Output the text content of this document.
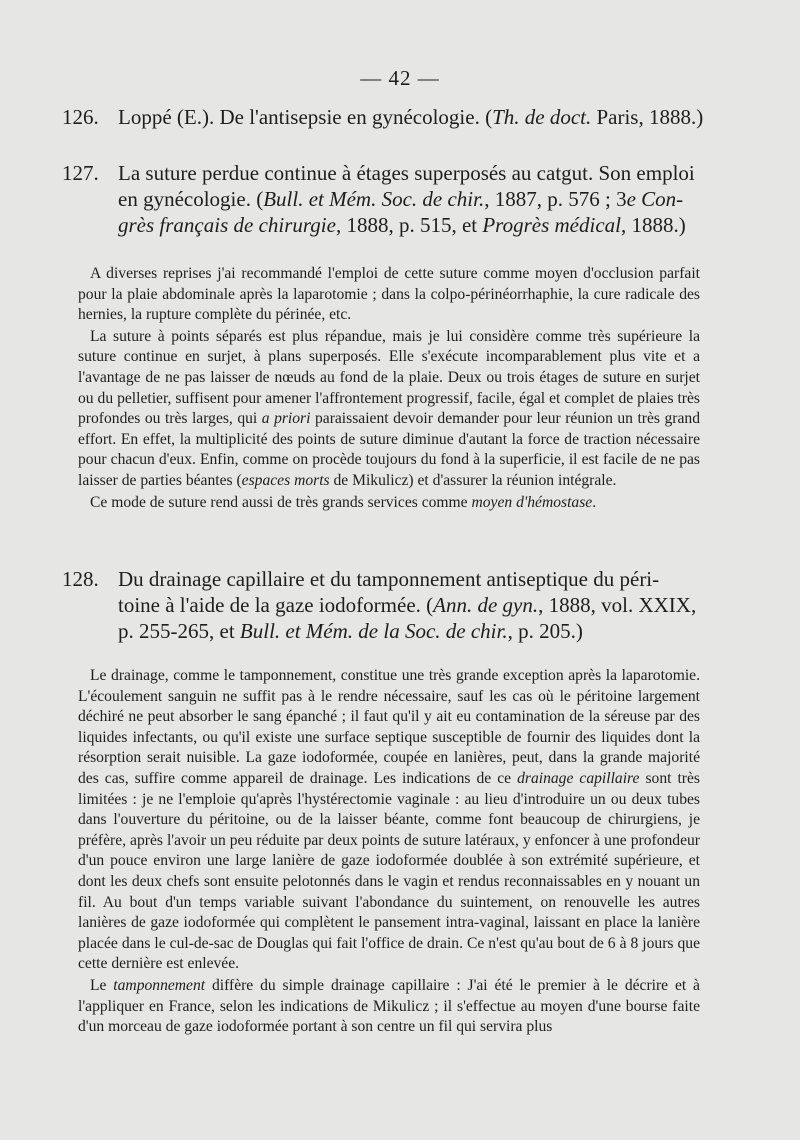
— 42 —
126. Loppé (E.). De l'antisepsie en gynécologie. (Th. de doct. Paris, 1888.)
127. La suture perdue continue à étages superposés au catgut. Son emploi
en gynécologie. (Bull. et Mém. Soc. de chir., 1887, p. 576 ; 3e Con-
grès français de chirurgie, 1888, p. 515, et Progrès médical, 1888.)

A diverses reprises j'ai recommandé l'emploi de cette suture comme moyen d'occlusion parfait pour la plaie abdominale après la laparotomie ; dans la colpo-périnéorrhaphie, la cure radicale des hernies, la rupture complète du périnée, etc.

La suture à points séparés est plus répandue, mais je lui considère comme très supérieure la suture continue en surjet, à plans superposés. Elle s'exécute incomparablement plus vite et a l'avantage de ne pas laisser de nœuds au fond de la plaie. Deux ou trois étages de suture en surjet ou du pelletier, suffisent pour amener l'affrontement progressif, facile, égal et complet de plaies très profondes ou très larges, qui a priori paraissaient devoir demander pour leur réunion un très grand effort. En effet, la multiplicité des points de suture diminue d'autant la force de traction nécessaire pour chacun d'eux. Enfin, comme on procède toujours du fond à la superficie, il est facile de ne pas laisser de parties béantes (espaces morts de Mikulicz) et d'assurer la réunion intégrale.

Ce mode de suture rend aussi de très grands services comme moyen d'hémostase.

128. Du drainage capillaire et du tamponnement antiseptique du péri-
toine à l'aide de la gaze iodoformée. (Ann. de gyn., 1888, vol. XXIX,
p. 255-265, et Bull. et Mém. de la Soc. de chir., p. 205.)

Le drainage, comme le tamponnement, constitue une très grande exception après la laparotomie. L'écoulement sanguin ne suffit pas à le rendre nécessaire, sauf les cas où le péritoine largement déchiré ne peut absorber le sang épanché ; il faut qu'il y ait eu contamination de la séreuse par des liquides infectants, ou qu'il existe une surface septique susceptible de fournir des liquides dont la résorption serait nuisible. La gaze iodoformée, coupée en lanières, peut, dans la grande majorité des cas, suffire comme appareil de drainage. Les indications de ce drainage capillaire sont très limitées : je ne l'emploie qu'après l'hystérectomie vaginale : au lieu d'introduire un ou deux tubes dans l'ouverture du péritoine, ou de la laisser béante, comme font beaucoup de chirurgiens, je préfère, après l'avoir un peu réduite par deux points de suture latéraux, y enfoncer à une profondeur d'un pouce environ une large lanière de gaze iodoformée doublée à son extrémité supérieure, et dont les deux chefs sont ensuite pelotonnés dans le vagin et rendus reconnaissables en y nouant un fil. Au bout d'un temps variable suivant l'abondance du suintement, on renouvelle les autres lanières de gaze iodoformée qui complètent le pansement intra-vaginal, laissant en place la lanière placée dans le cul-de-sac de Douglas qui fait l'office de drain. Ce n'est qu'au bout de 6 à 8 jours que cette dernière est enlevée.

Le tamponnement diffère du simple drainage capillaire : J'ai été le premier à le décrire et à l'appliquer en France, selon les indications de Mikulicz ; il s'effectue au moyen d'une bourse faite d'un morceau de gaze iodoformée portant à son centre un fil qui servira plus
